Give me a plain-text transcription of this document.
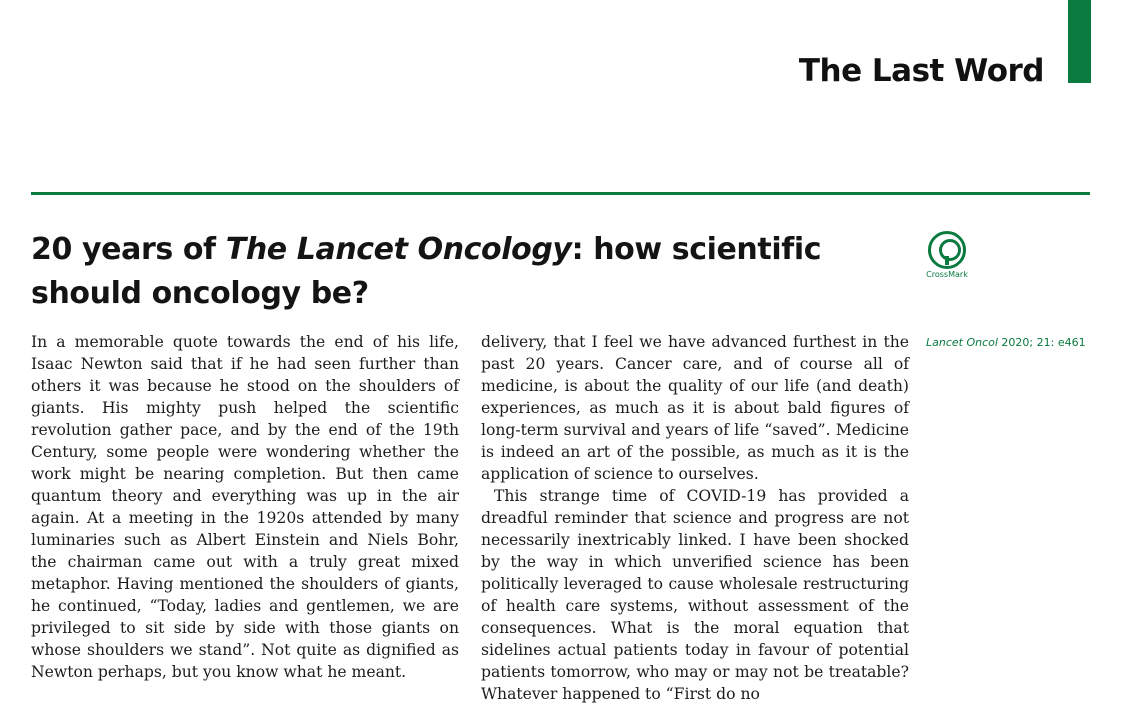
The Last Word
20 years of The Lancet Oncology: how scientific should oncology be?
CrossMark
Lancet Oncol 2020; 21: e461

In a memorable quote towards the end of his life, Isaac Newton said that if he had seen further than others it was because he stood on the shoulders of giants. His mighty push helped the scientific revolution gather pace, and by the end of the 19th Century, some people were wondering whether the work might be nearing completion. But then came quantum theory and everything was up in the air again. At a meeting in the 1920s attended by many luminaries such as Albert Einstein and Niels Bohr, the chairman came out with a truly great mixed metaphor. Having mentioned the shoulders of giants, he continued, “Today, ladies and gentlemen, we are privileged to sit side by side with those giants on whose shoulders we stand”. Not quite as dignified as Newton perhaps, but you know what he meant.

delivery, that I feel we have advanced furthest in the past 20 years. Cancer care, and of course all of medicine, is about the quality of our life (and death) experiences, as much as it is about bald figures of long-term survival and years of life “saved”. Medicine is indeed an art of the possible, as much as it is the application of science to ourselves.

This strange time of COVID-19 has provided a dreadful reminder that science and progress are not necessarily inextricably linked. I have been shocked by the way in which unverified science has been politically leveraged to cause wholesale restructuring of health care systems, without assessment of the consequences. What is the moral equation that sidelines actual patients today in favour of potential patients tomorrow, who may or may not be treatable? Whatever happened to “First do no
